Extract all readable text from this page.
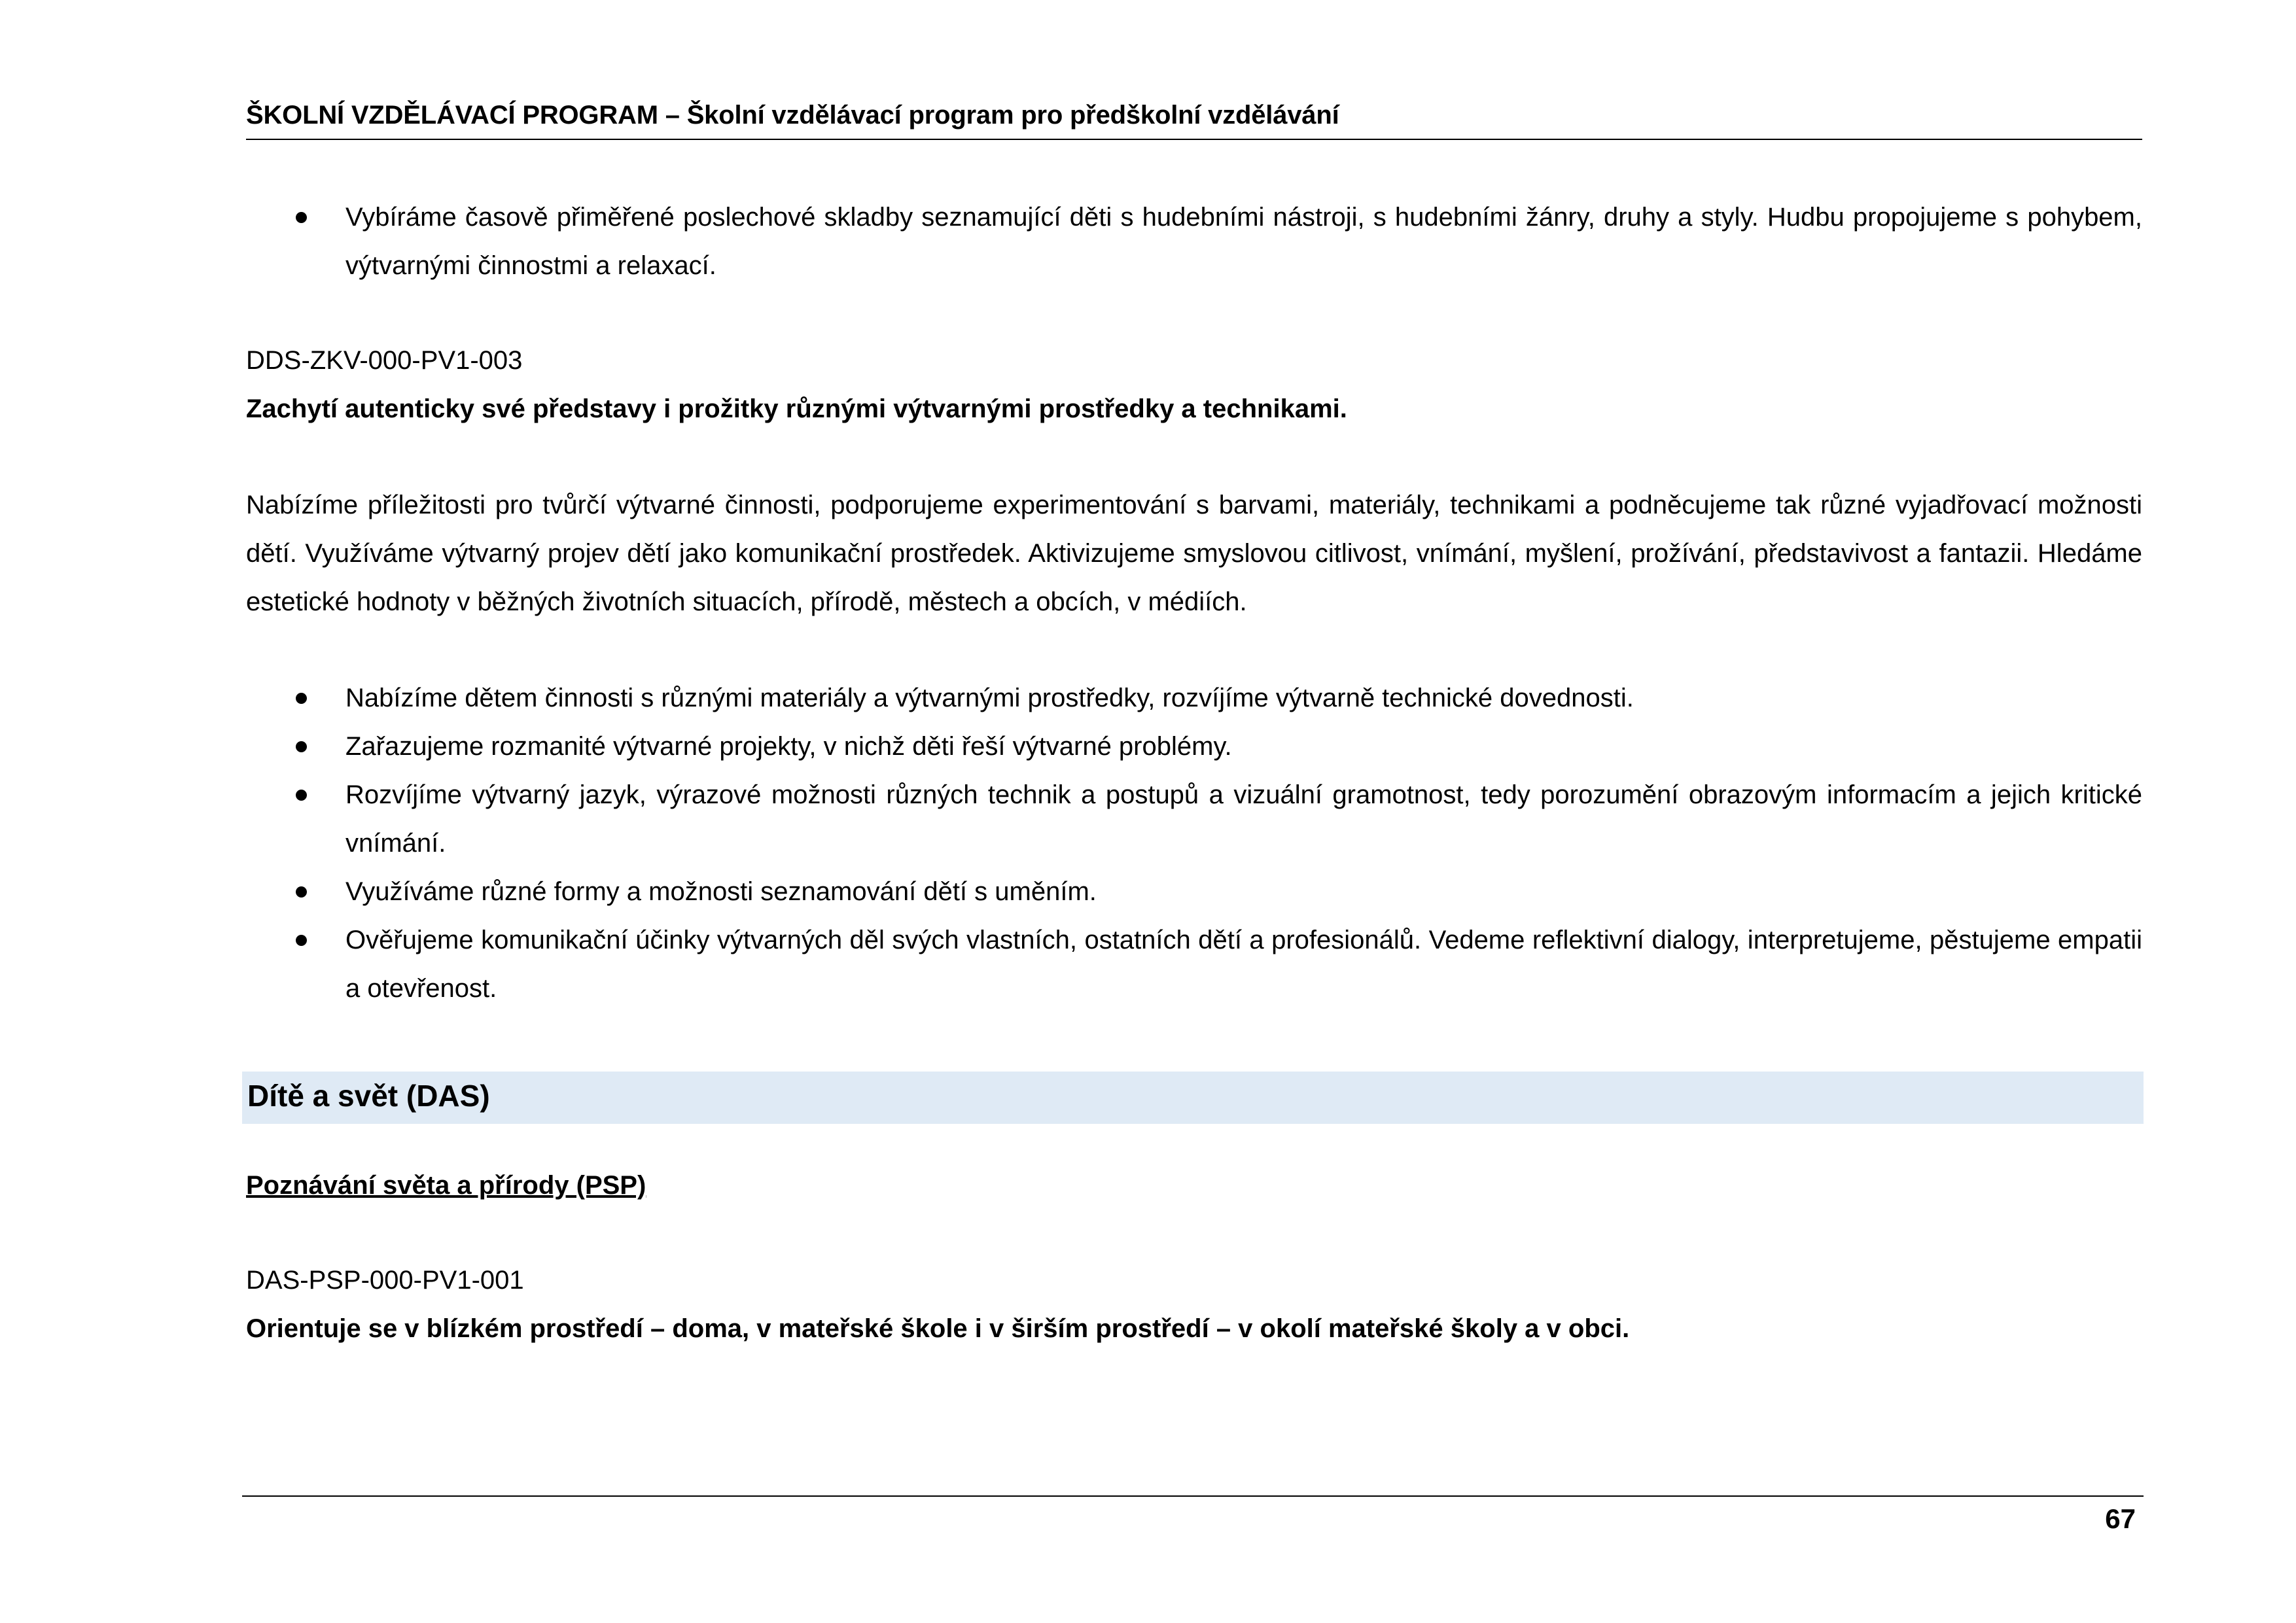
ŠKOLNÍ VZDĚLÁVACÍ PROGRAM – Školní vzdělávací program pro předškolní vzdělávání
Vybíráme časově přiměřené poslechové skladby seznamující děti s hudebními nástroji, s hudebními žánry, druhy a styly. Hudbu propojujeme s pohybem, výtvarnými činnostmi a relaxací.

DDS-ZKV-000-PV1-003

Zachytí autenticky své představy i prožitky různými výtvarnými prostředky a technikami.

Nabízíme příležitosti pro tvůrčí výtvarné činnosti, podporujeme experimentování s barvami, materiály, technikami a podněcujeme tak různé vyjadřovací možnosti dětí. Využíváme výtvarný projev dětí jako komunikační prostředek. Aktivizujeme smyslovou citlivost, vnímání, myšlení, prožívání, představivost a fantazii. Hledáme estetické hodnoty v běžných životních situacích, přírodě, městech a obcích, v médiích.

Nabízíme dětem činnosti s různými materiály a výtvarnými prostředky, rozvíjíme výtvarně technické dovednosti.
Zařazujeme rozmanité výtvarné projekty, v nichž děti řeší výtvarné problémy.
Rozvíjíme výtvarný jazyk, výrazové možnosti různých technik a postupů a vizuální gramotnost, tedy porozumění obrazovým informacím a jejich kritické vnímání.
Využíváme různé formy a možnosti seznamování dětí s uměním.
Ověřujeme komunikační účinky výtvarných děl svých vlastních, ostatních dětí a profesionálů. Vedeme reflektivní dialogy, interpretujeme, pěstujeme empatii a otevřenost.
Dítě a svět (DAS)

Poznávání světa a přírody (PSP)

DAS-PSP-000-PV1-001

Orientuje se v blízkém prostředí – doma, v mateřské škole i v širším prostředí – v okolí mateřské školy a v obci.

67
